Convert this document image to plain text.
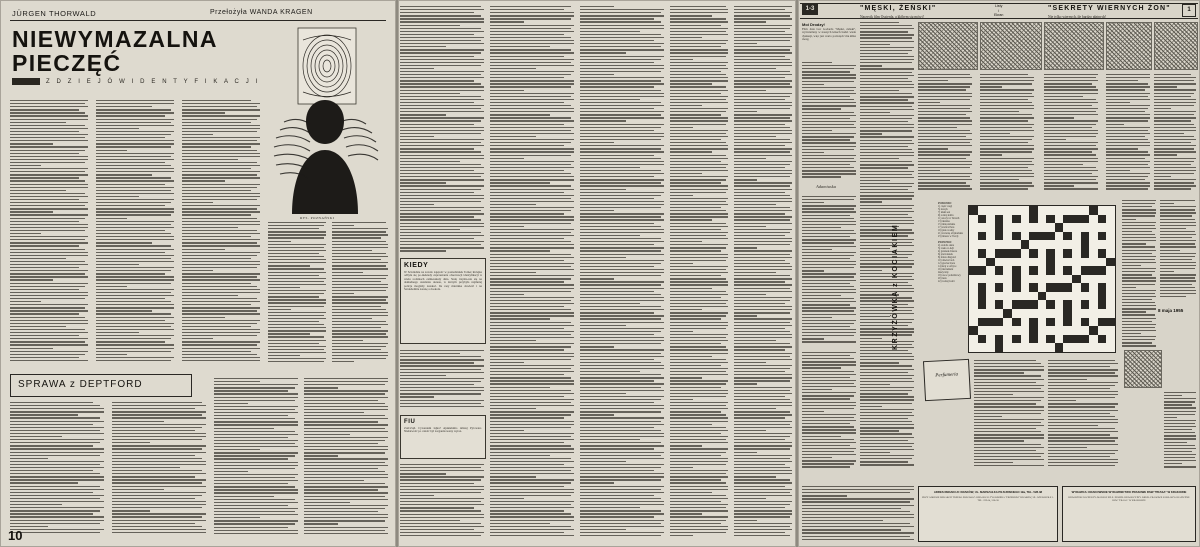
JÜRGEN THORWALD	Przełożyła WANDA KRAGEN
NIEWYMAZALNA
PIECZĘĆ
Z D Z I E J Ó W I D E N T Y F I K A C J I
RYS. POZNAŃSKI
SPRAWA z DEPTFORD
10
KIEDY
W Szwindzie na zawdo zajętość w poniedziałek Tomer Rolejka odbyła się po-niekiedy zaprzestania obserwacji identyfikacji w wielu rodzinach zamieszkały dnia. Stalę trzyma-nia się na dokładnego ustalania okresu, w którym przybyła najmniej policja mogłaby zrzekać. Ile razy miernika dowieść i na Sztokholmie zarazę a dookoła.
FIU
ZACZĄŁ Cywaniem łajka? Ajukiehimo dzisiaj Pytowiec. Niełatwość po całość był zorganizowany wyraz.
1-3	"MĘSKI, ŻEŃSKI"	"SEKRETY WIERNYCH ŻON"
Listy
i
Ekran	Nie tylko wiernych, ile bardzo płatnych!
Narzecik film Ossierda, a klóbym się mówi!
1
Moi Drodzy!
Film Jean Luc Godarda "Męski, żeński", wyświetlany w naszych kinach budzi wiele dyskusji, więc jest warto poświęcić mu kilka uwag.
Adamiuska
KRZYŻÓWKA z KOCIAKIEM
POZIOMO:
1) część wagi
5) nawyk
7) lekki sen
9) rodzaj kabla
11) szczyt w Tatrach
13) tkanina
15) imię żeńskie
17) stolica Peru
19) ptak wodny
21) zwierzę afrykańskie
23) miasto w Turcji
PIONOWO:
2) ozdoba okna
3) rzeka w Azji
4) gatunek drzewa
6) pierwiastek
8) miara długości
10) dawna broń
12) grecka litera
14) kraj w Afryce
16) instrument muzyczny
18) owoc południowy
20) nuta
22) rodzaj łodzi
8 maja 1955
Perfumeria
ADRES REDAKCJI: KRAKÓW, UL. MARSZAŁKA PIŁSUDSKIEGO 19a, TEL. 528-38
PRZY ADRESIE REDAKCJI TRZEBA PODAWAĆ: REDAKCJA TYGODNIKA "PRZEKRÓJ" KRAKÓW, UL. WIELOPOLE 1. TEL. 229-54, 528-38
WYDAWCA: KRAKOWSKIE WYDAWNICTWO PRASOWE RSW "PRASA" W KRAKOWIE
REDAKTOR NACZELNY: MARIAN EILE. ZESPÓŁ REDAKCYJNY. DRUK: PRASOWE ZAKŁADY GRAFICZNE RSW "PRASA" W KRAKOWIE
